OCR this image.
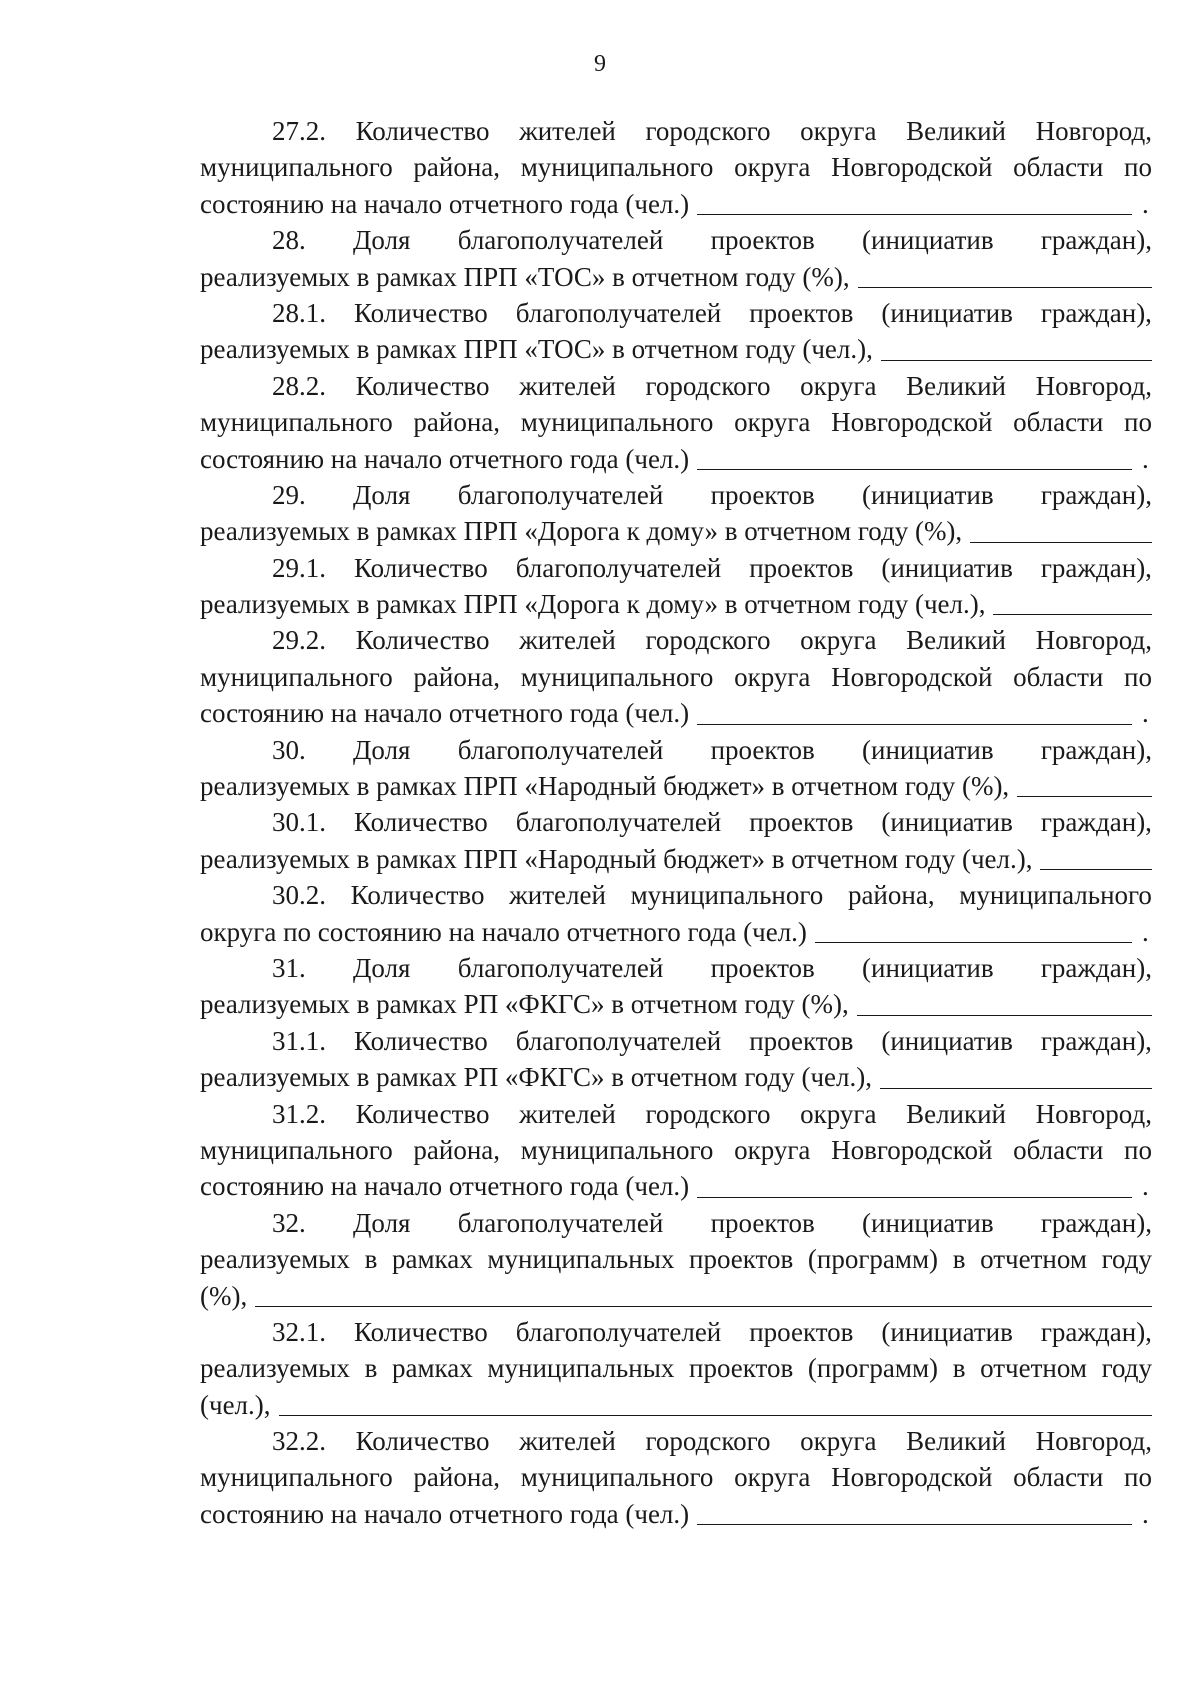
9
27.2. Количество жителей городского округа Великий Новгород,
муниципального района, муниципального округа Новгородской области по
состоянию на начало отчетного года (чел.)	.
28. Доля благополучателей проектов (инициатив граждан),
реализуемых в рамках ПРП «ТОС» в отчетном году (%),
28.1. Количество благополучателей проектов (инициатив граждан),
реализуемых в рамках ПРП «ТОС» в отчетном году (чел.),
28.2. Количество жителей городского округа Великий Новгород,
муниципального района, муниципального округа Новгородской области по
состоянию на начало отчетного года (чел.)	.
29. Доля благополучателей проектов (инициатив граждан),
реализуемых в рамках ПРП «Дорога к дому» в отчетном году (%),
29.1. Количество благополучателей проектов (инициатив граждан),
реализуемых в рамках ПРП «Дорога к дому» в отчетном году (чел.),
29.2. Количество жителей городского округа Великий Новгород,
муниципального района, муниципального округа Новгородской области по
состоянию на начало отчетного года (чел.)	.
30. Доля благополучателей проектов (инициатив граждан),
реализуемых в рамках ПРП «Народный бюджет» в отчетном году (%),
30.1. Количество благополучателей проектов (инициатив граждан),
реализуемых в рамках ПРП «Народный бюджет» в отчетном году (чел.),
30.2. Количество жителей муниципального района, муниципального
округа по состоянию на начало отчетного года (чел.)	.
31. Доля благополучателей проектов (инициатив граждан),
реализуемых в рамках РП «ФКГС» в отчетном году (%),
31.1. Количество благополучателей проектов (инициатив граждан),
реализуемых в рамках РП «ФКГС» в отчетном году (чел.),
31.2. Количество жителей городского округа Великий Новгород,
муниципального района, муниципального округа Новгородской области по
состоянию на начало отчетного года (чел.)	.
32. Доля благополучателей проектов (инициатив граждан),
реализуемых в рамках муниципальных проектов (программ) в отчетном году
(%),
32.1. Количество благополучателей проектов (инициатив граждан),
реализуемых в рамках муниципальных проектов (программ) в отчетном году
(чел.),
32.2. Количество жителей городского округа Великий Новгород,
муниципального района, муниципального округа Новгородской области по
состоянию на начало отчетного года (чел.)	.
